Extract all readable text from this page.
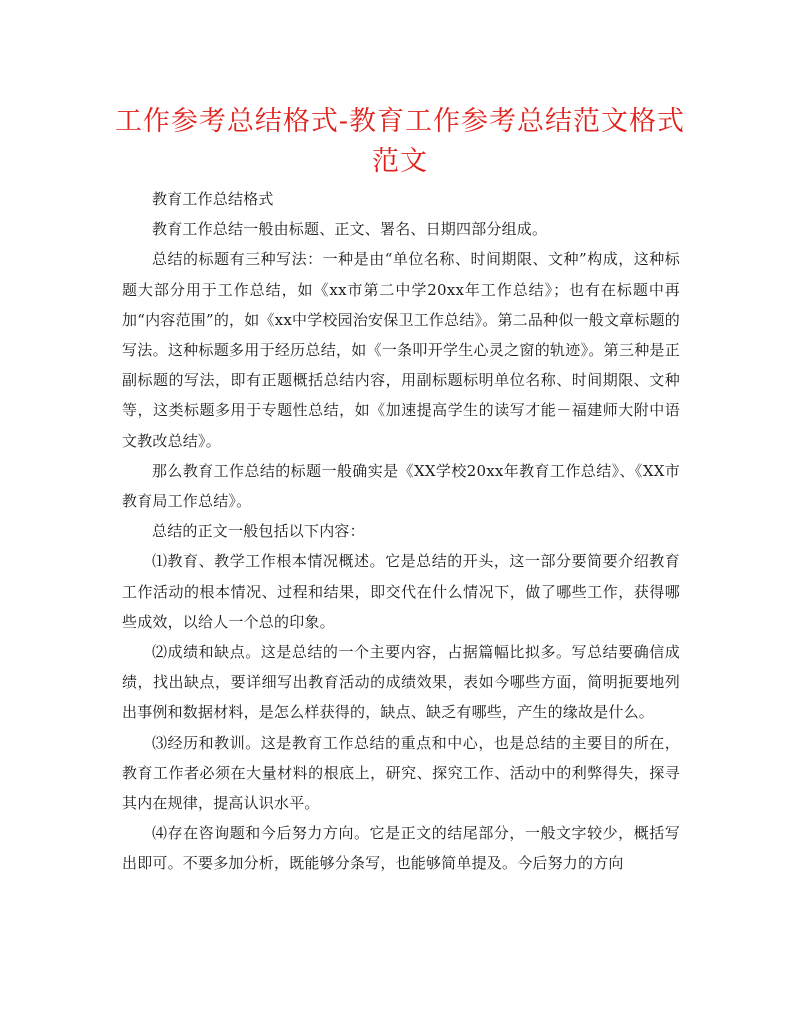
工作参考总结格式-教育工作参考总结范文格式
范文

教育工作总结格式

教育工作总结一般由标题、正文、署名、日期四部分组成。

总结的标题有三种写法：一种是由“单位名称、时间期限、文种”构成，这种标题大部分用于工作总结，如《xx市第二中学20xx年工作总结》；也有在标题中再加“内容范围”的，如《xx中学校园治安保卫工作总结》。第二品种似一般文章标题的写法。这种标题多用于经历总结，如《一条叩开学生心灵之窗的轨迹》。第三种是正副标题的写法，即有正题概括总结内容，用副标题标明单位名称、时间期限、文种等，这类标题多用于专题性总结，如《加速提高学生的读写才能－福建师大附中语文教改总结》。

那么教育工作总结的标题一般确实是《XX学校20xx年教育工作总结》、《XX市教育局工作总结》。

总结的正文一般包括以下内容：

⑴教育、教学工作根本情况概述。它是总结的开头，这一部分要简要介绍教育工作活动的根本情况、过程和结果，即交代在什么情况下，做了哪些工作，获得哪些成效，以给人一个总的印象。

⑵成绩和缺点。这是总结的一个主要内容，占据篇幅比拟多。写总结要确信成绩，找出缺点，要详细写出教育活动的成绩效果，表如今哪些方面，简明扼要地列出事例和数据材料，是怎么样获得的，缺点、缺乏有哪些，产生的缘故是什么。

⑶经历和教训。这是教育工作总结的重点和中心，也是总结的主要目的所在，教育工作者必须在大量材料的根底上，研究、探究工作、活动中的利弊得失，探寻其内在规律，提高认识水平。

⑷存在咨询题和今后努力方向。它是正文的结尾部分，一般文字较少，概括写出即可。不要多加分析，既能够分条写，也能够简单提及。今后努力的方向
